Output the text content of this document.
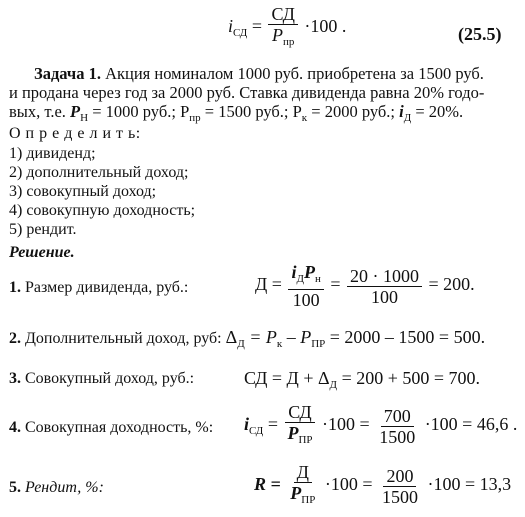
$i_{СД} = \frac{СД}{P_{пр}} \cdot 100$ .	(25.5)
Задача 1. Акция номиналом 1000 руб. приобретена за 1500 руб.
и продана через год за 2000 руб. Ставка дивиденда равна 20% годо-
вых, т.е. $P_Н = 1000$ руб.; $P_{пр} = 1500$ руб.; $P_к = 2000$ руб.; $i_Д = 20\%$.
О п р е д е л и т ь:
1) дивиденд;
2) дополнительный доход;
3) совокупный доход;
4) совокупную доходность;
5) рендит.
Решение.
1. Размер дивиденда, руб.:	$Д = \frac{i_ДP_н}{100} = \frac{20 \cdot 1000}{100} = 200$.
2. Дополнительный доход, руб: $\Delta_Д = P_к - P_{ПР} = 2000 - 1500 = 500$.
3. Совокупный доход, руб.:	СД = $Д + \Delta_Д = 200 + 500 = 700$.
4. Совокупная доходность, %: $i_{СД} = \frac{СД}{P_{ПР}} \cdot 100 = \frac{700}{1500} \cdot 100 = 46,6$ .
5. Рендит, %:	$R = \frac{Д}{P_{ПР}} \cdot 100 = \frac{200}{1500} \cdot 100 = 13,3$
